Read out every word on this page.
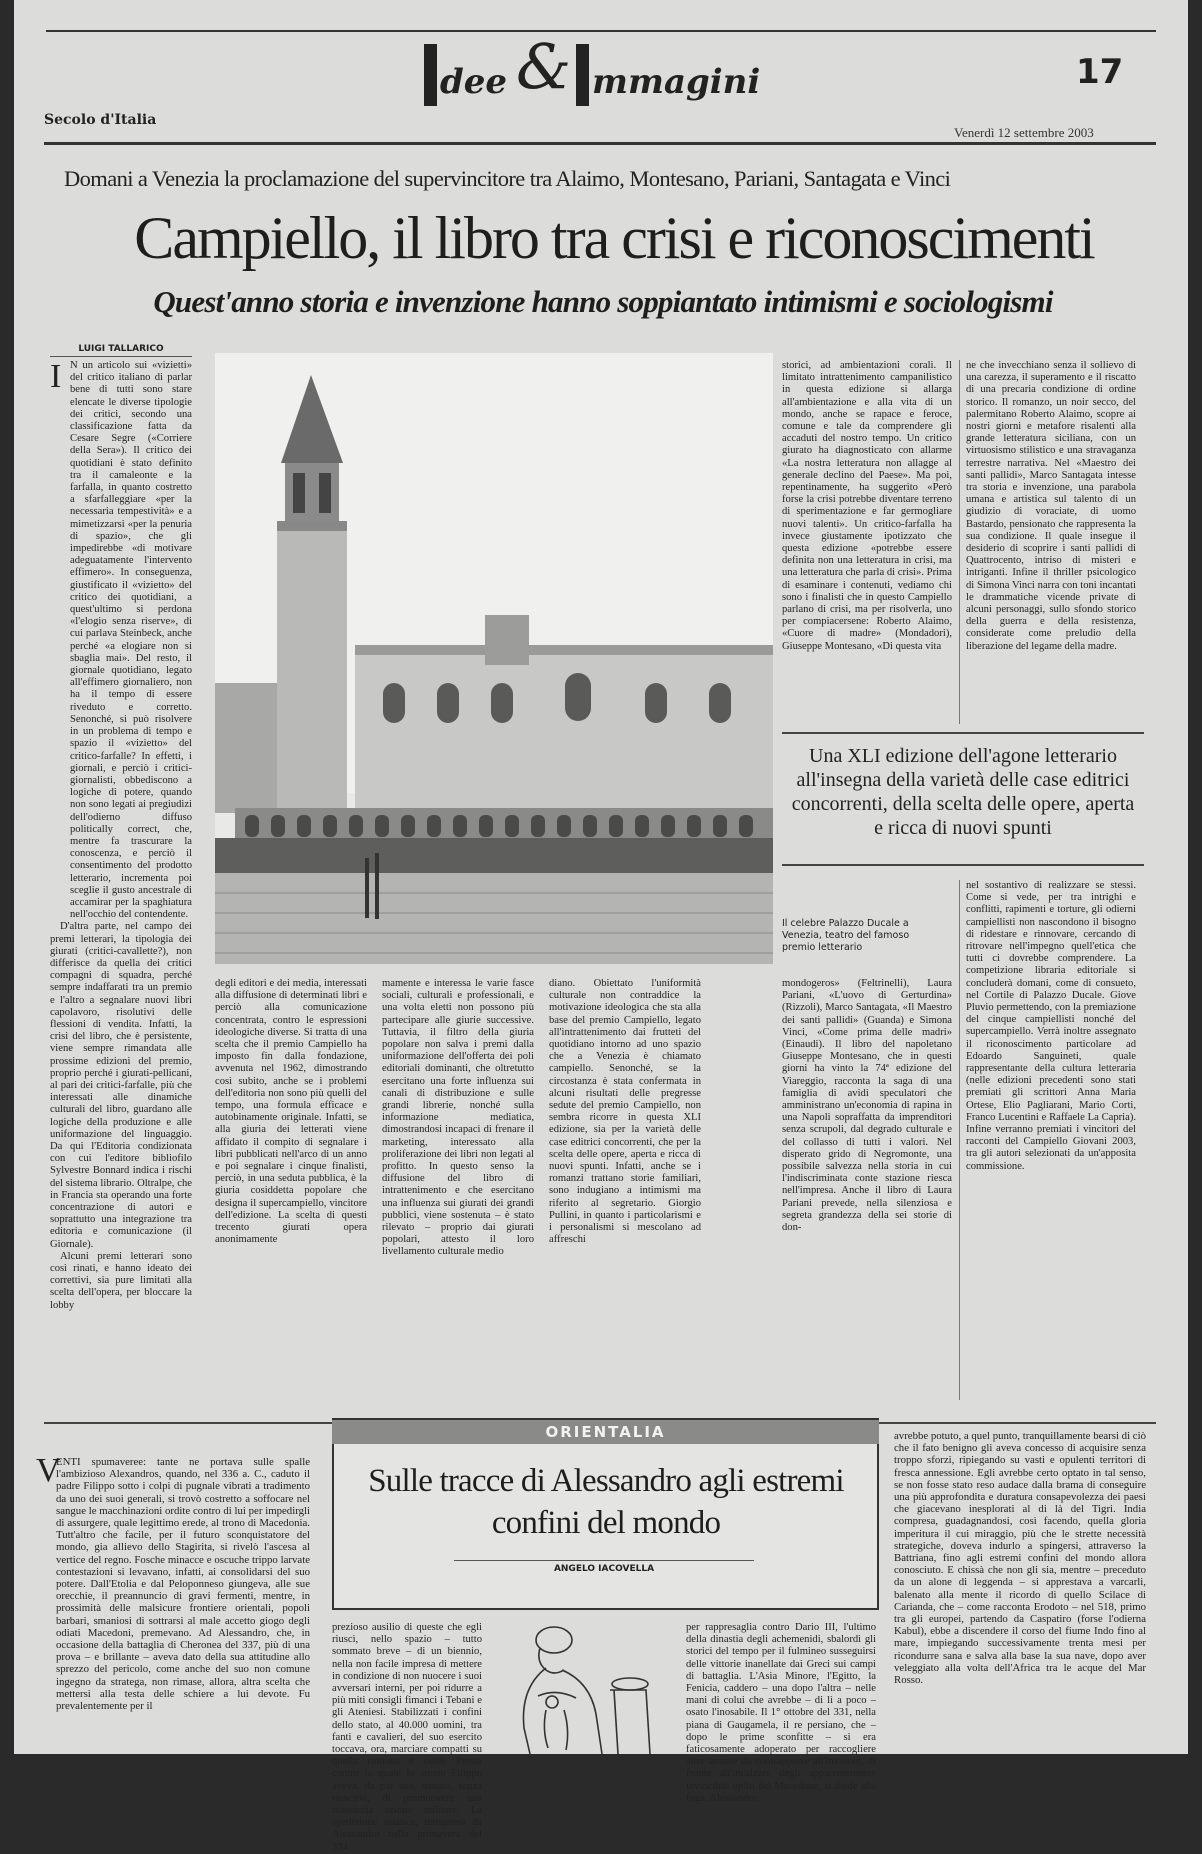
dee & mmagini	17
Secolo d'Italia
Venerdì 12 settembre 2003
Domani a Venezia la proclamazione del supervincitore tra Alaimo, Montesano, Pariani, Santagata e Vinci
Campiello, il libro tra crisi e riconoscimenti
Quest'anno storia e invenzione hanno soppiantato intimismi e sociologismi
LUIGI TALLARICO
I N un articolo sui «vizietti» del critico italiano di parlar bene di tutti sono stare elencate le diverse tipologie dei critici, secondo una classificazione fatta da Cesare Segre («Corriere della Sera»). Il critico dei quotidiani è stato definito tra il camaleonte e la farfalla, in quanto costretto a sfarfalleggiare «per la necessaria tempestività» e a mimetizzarsi «per la penuria di spazio», che gli impedirebbe «di motivare adeguatamente l'intervento effimero». In conseguenza, giustificato il «vizietto» del critico dei quotidiani, a quest'ultimo si perdona «l'elogio senza riserve», di cui parlava Steinbeck, anche perché «a elogiare non si sbaglia mai». Del resto, il giornale quotidiano, legato all'effimero giornaliero, non ha il tempo di essere riveduto e corretto. Senonché, si può risolvere in un problema di tempo e spazio il «vizietto» del critico-farfalle? In effetti, i giornali, e perciò i critici-giornalisti, obbediscono a logiche di potere, quando non sono legati ai pregiudizi dell'odierno diffuso politically correct, che, mentre fa trascurare la conoscenza, e perciò il consentimento del prodotto letterario, incrementa poi sceglie il gusto ancestrale di accamirar per la spaghiatura nell'occhio del contendente.

D'altra parte, nel campo dei premi letterari, la tipologia dei giurati (critici-cavallette?), non differisce da quella dei critici compagni di squadra, perché sempre indaffarati tra un premio e l'altro a segnalare nuovi libri capolavoro, risolutivi delle flessioni di vendita. Infatti, la crisi del libro, che è persistente, viene sempre rimandata alle prossime edizioni del premio, proprio perché i giurati-pellicani, al pari dei critici-farfalle, più che interessati alle dinamiche culturali del libro, guardano alle logiche della produzione e alle uniformazione del linguaggio. Da qui l'Editoria condizionata con cui l'editore bibliofilo Sylvestre Bonnard indica i rischi del sistema librario. Oltralpe, che in Francia sta operando una forte concentrazione di autori e soprattutto una integrazione tra editoria e comunicazione (il Giornale).

Alcuni premi letterari sono così rinati, e hanno ideato dei correttivi, sia pure limitati alla scelta dell'opera, per bloccare la lobby

degli editori e dei media, interessati alla diffusione di determinati libri e perciò alla comunicazione concentrata, contro le espressioni ideologiche diverse. Si tratta di una scelta che il premio Campiello ha imposto fin dalla fondazione, avvenuta nel 1962, dimostrando così subito, anche se i problemi dell'editoria non sono più quelli del tempo, una formula efficace e autobinamente originale. Infatti, se alla giuria dei letterati viene affidato il compito di segnalare i libri pubblicati nell'arco di un anno e poi segnalare i cinque finalisti, perciò, in una seduta pubblica, è la giuria cosiddetta popolare che designa il supercampiello, vincitore dell'edizione. La scelta di questi trecento giurati opera anonimamente

mamente e interessa le varie fasce sociali, culturali e professionali, e una volta eletti non possono più partecipare alle giurie successive. Tuttavia, il filtro della giuria popolare non salva i premi dalla uniformazione dell'offerta dei poli editoriali dominanti, che oltretutto esercitano una forte influenza sui canali di distribuzione e sulle grandi librerie, nonché sulla informazione mediatica, dimostrandosi incapaci di frenare il marketing, interessato alla proliferazione dei libri non legati al profitto. In questo senso la diffusione del libro di intrattenimento e che esercitano una influenza sui giurati dei grandi pubblici, viene sostenuta – è stato rilevato – proprio dai giurati popolari, attesto il loro livellamento culturale medio

diano. Obiettato l'uniformità culturale non contraddice la motivazione ideologica che sta alla base del premio Campiello, legato all'intrattenimento dai frutteti del quotidiano intorno ad uno spazio che a Venezia è chiamato campiello. Senonché, se la circostanza è stata confermata in alcuni risultati delle pregresse sedute del premio Campiello, non sembra ricorre in questa XLI edizione, sia per la varietà delle case editrici concorrenti, che per la scelta delle opere, aperta e ricca di nuovi spunti. Infatti, anche se i romanzi trattano storie familiari, sono indugiano a intimismi ma riferito al segretario. Giorgio Pullini, in quanto i particolarismi e i personalismi si mescolano ad affreschi

Il celebre Palazzo Ducale a Venezia, teatro del famoso premio letterario

storici, ad ambientazioni corali. Il limitato intrattenimento campanilistico in questa edizione si allarga all'ambientazione e alla vita di un mondo, anche se rapace e feroce, comune e tale da comprendere gli accaduti del nostro tempo. Un critico giurato ha diagnosticato con allarme «La nostra letteratura non allagge al generale declino del Paese». Ma poi, repentinamente, ha suggerito «Però forse la crisi potrebbe diventare terreno di sperimentazione e far germogliare nuovi talenti». Un critico-farfalla ha invece giustamente ipotizzato che questa edizione «potrebbe essere definita non una letteratura in crisi, ma una letteratura che parla di crisi». Prima di esaminare i contenuti, vediamo chi sono i finalisti che in questo Campiello parlano di crisi, ma per risolverla, uno per compiacersene: Roberto Alaimo, «Cuore di madre» (Mondadori), Giuseppe Montesano, «Di questa vita

ne che invecchiano senza il sollievo di una carezza, il superamento e il riscatto di una precaria condizione di ordine storico. Il romanzo, un noir secco, del palermitano Roberto Alaimo, scopre ai nostri giorni e metafore risalenti alla grande letteratura siciliana, con un virtuosismo stilistico e una stravaganza terrestre narrativa. Nel «Maestro dei santi pallidi», Marco Santagata intesse tra storia e invenzione, una parabola umana e artistica sul talento di un giudizio di voraciate, di uomo Bastardo, pensionato che rappresenta la sua condizione. Il quale insegue il desiderio di scoprire i santi pallidi di Quattrocento, intriso di misteri e intriganti. Infine il thriller psicologico di Simona Vinci narra con toni incantati le drammatiche vicende private di alcuni personaggi, sullo sfondo storico della guerra e della resistenza, considerate come preludio della liberazione del legame della madre.

Una XLI edizione dell'agone letterario all'insegna della varietà delle case editrici concorrenti, della scelta delle opere, aperta e ricca di nuovi spunti

mondogeros» (Feltrinelli), Laura Pariani, «L'uovo di Gerturdina» (Rizzoli), Marco Santagata, «Il Maestro dei santi pallidi» (Guanda) e Simona Vinci, «Come prima delle madri» (Einaudi). Il libro del napoletano Giuseppe Montesano, che in questi giorni ha vinto la 74ª edizione del Viareggio, racconta la saga di una famiglia di avidi speculatori che amministrano un'economia di rapina in una Napoli sopraffatta da imprenditori senza scrupoli, dal degrado culturale e del collasso di tutti i valori. Nel disperato grido di Negromonte, una possibile salvezza nella storia in cui l'indiscriminata conte stazione riesca nell'impresa. Anche il libro di Laura Pariani prevede, nella silenziosa e segreta grandezza della sei storie di don-

nel sostantivo di realizzare se stessi. Come si vede, per tra intrighi e conflitti, rapimenti e torture, gli odierni campiellisti non nascondono il bisogno di ridestare e rinnovare, cercando di ritrovare nell'impegno quell'etica che tutti ci dovrebbe comprendere. La competizione libraria editoriale si concluderà domani, come di consueto, nel Cortile di Palazzo Ducale. Giove Pluvio permettendo, con la premiazione del cinque campiellisti nonché del supercampiello. Verrà inoltre assegnato il riconoscimento particolare ad Edoardo Sanguineti, quale rappresentante della cultura letteraria (nelle edizioni precedenti sono stati premiati gli scrittori Anna Maria Ortese, Elio Pagliarani, Mario Corti, Franco Lucentini e Raffaele La Capria). Infine verranno premiati i vincitori del racconti del Campiello Giovani 2003, tra gli autori selezionati da un'apposita commissione.

ORIENTALIA
Sulle tracce di Alessandro agli estremi confini del mondo
ANGELO IACOVELLA
V

ENTI spumaveree: tante ne portava sulle spalle l'ambizioso Alexandros, quando, nel 336 a. C., caduto il padre Filippo sotto i colpi di pugnale vibrati a tradimento da uno dei suoi generali, si trovò costretto a soffocare nel sangue le macchinazioni ordite contro di lui per impedirgli di assurgere, quale legittimo erede, al trono di Macedonia. Tutt'altro che facile, per il futuro sconquistatore del mondo, gia allievo dello Stagirita, si rivelò l'ascesa al vertice del regno. Fosche minacce e oscuche trippo larvate contestazioni si levavano, infatti, ai consolidarsi del suo potere. Dall'Etolia e dal Peloponneso giungeva, alle sue orecchie, il preannuncio di gravi fermenti, mentre, in prossimità delle malsicure frontiere orientali, popoli barbari, smaniosi di sottrarsi al male accetto giogo degli odiati Macedoni, premevano. Ad Alessandro, che, in occasione della battaglia di Cheronea del 337, più di una prova – e brillante – aveva dato della sua attitudine allo sprezzo del pericolo, come anche del suo non comune ingegno da stratega, non rimase, allora, altra scelta che mettersi alla testa delle schiere a lui devote. Fu prevalentemente per il

prezioso ausilio di queste che egli riuscì, nello spazio – tutto sommato breve – di un biennio, nella non facile impresa di mettere in condizione di non nuocere i suoi avversari interni, per poi ridurre a più miti consigli fimanci i Tebani e gli Ateniesi. Stabilizzati i confini dello stato, al 40.000 uomini, tra fanti e cavalieri, del suo esercito toccava, ora, marciare compatti su quella riottosa e ostile Persia contro la quale lo stesso Filippo aveva, da par suo, tentato, senza riuscirvi, di promuovere una massiccia azione militare. La spedizione asiatica, intrapresa da Alessandro nella primavera del 334

per rappresaglia contro Dario III, l'ultimo della dinastia degli achemenidi, sbalordì gli storici del tempo per il fulmineo susseguirsi delle vittorie inanellate dai Greci sui campi di battaglia. L'Asia Minore, l'Egitto, la Fenicia, caddero – una dopo l'altra – nelle mani di colui che avrebbe – di lì a poco – osato l'inosabile. Il 1° ottobre del 331, nella piana di Gaugamela, il re persiano, che – dopo le prime sconfitte – si era faticosamente adoperato per raccogliere altre armate da contrapporre all'invasore, di fronte all'incalzare degli apparentemente invincibili opliti del Macedone, si diede alla fuga. Alessandro

avrebbe potuto, a quel punto, tranquillamente bearsi di ciò che il fato benigno gli aveva concesso di acquisire senza troppo sforzi, ripiegando su vasti e opulenti territori di fresca annessione. Egli avrebbe certo optato in tal senso, se non fosse stato reso audace dalla brama di conseguire una più approfondita e duratura consapevolezza dei paesi che giacevano inesplorati al di là del Tigri. India compresa, guadagnandosi, così facendo, quella gloria imperitura il cui miraggio, più che le strette necessità strategiche, doveva indurlo a spingersi, attraverso la Battriana, fino agli estremi confini del mondo allora conosciuto. E chissà che non gli sia, mentre – preceduto da un alone di leggenda – si apprestava a varcarli, balenato alla mente il ricordo di quello Scilace di Carianda, che – come racconta Erodoto – nel 518, primo tra gli europei, partendo da Caspatiro (forse l'odierna Kabul), ebbe a discendere il corso del fiume Indo fino al mare, impiegando successivamente trenta mesi per ricondurre sana e salva alla base la sua nave, dopo aver veleggiato alla volta dell'Africa tra le acque del Mar Rosso.
